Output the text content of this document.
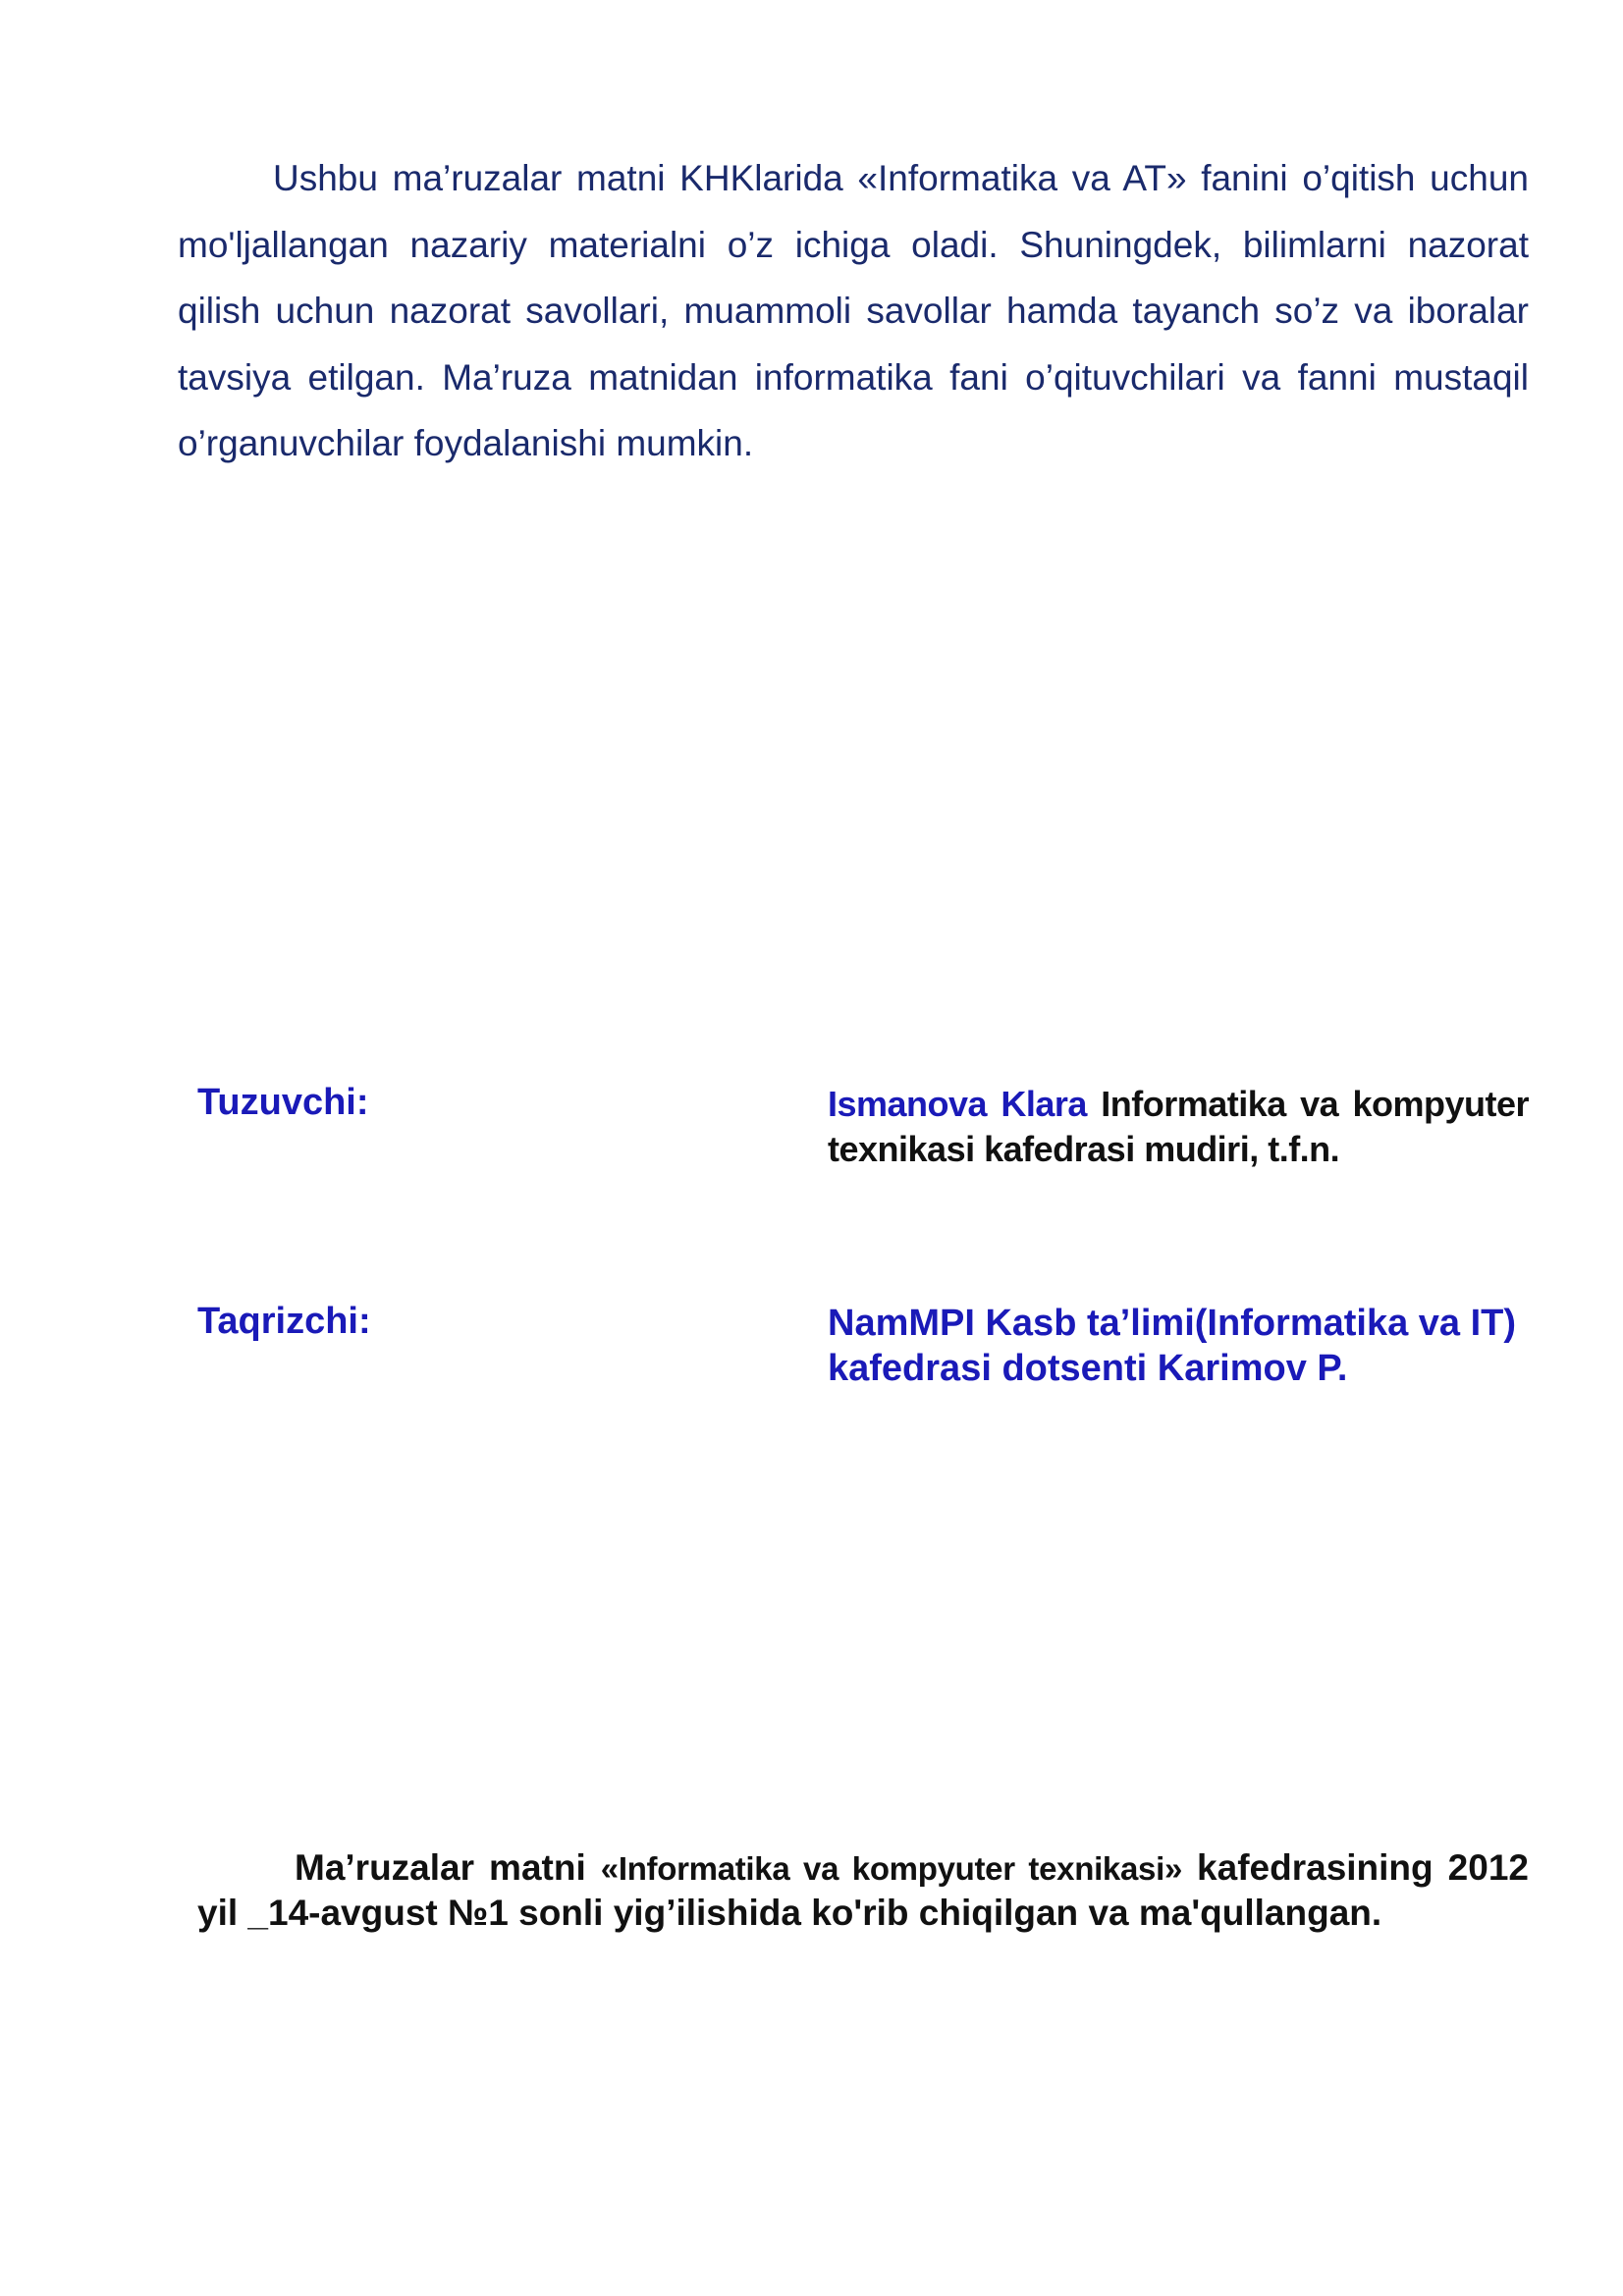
Ushbu ma’ruzalar matni KHKlarida «Informatika va AT» fanini o’qitish uchun mo'ljallangan nazariy materialni o’z ichiga oladi. Shuningdek, bilimlarni nazorat qilish uchun nazorat savollari, muammoli savollar hamda tayanch so’z va iboralar tavsiya etilgan. Ma’ruza matnidan informatika fani o’qituvchilari va fanni mustaqil o’rganuvchilar foydalanishi mumkin.

Tuzuvchi:	Ismanova Klara Informatika va kompyuter texnikasi kafedrasi mudiri, t.f.n.

Taqrizchi:	NamMPI Kasb ta’limi(Informatika va IT) kafedrasi dotsenti Karimov P.

Ma’ruzalar matni «Informatika va kompyuter texnikasi» kafedrasining 2012 yil _14-avgust №1 sonli yig’ilishida ko'rib chiqilgan va ma'qullangan.
